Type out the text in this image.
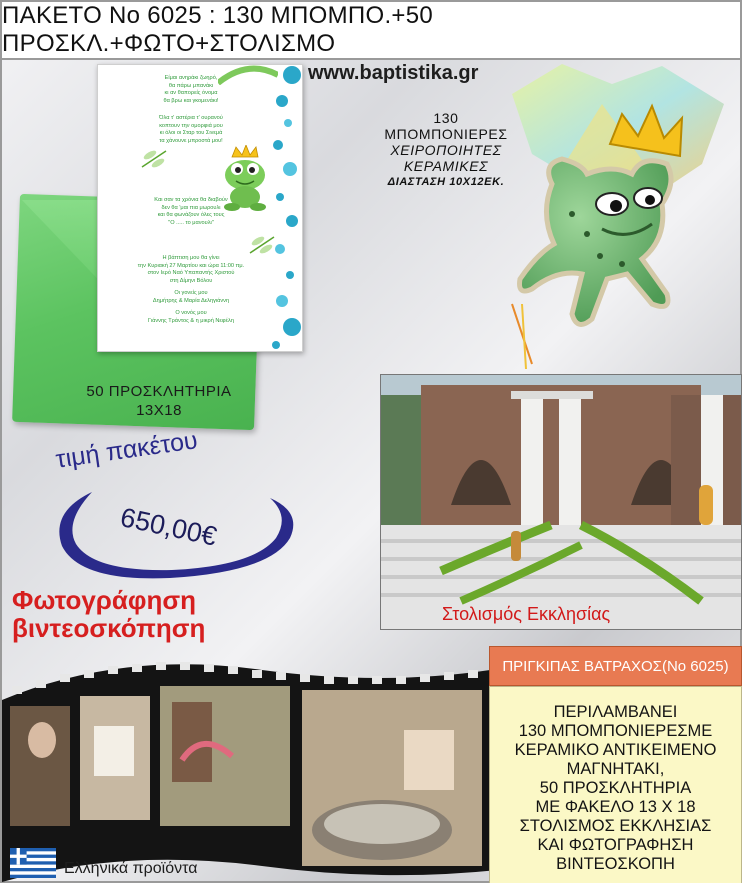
ΠΑΚΕΤΟ Νο 6025 : 130 ΜΠΟΜΠΟ.+50 ΠΡΟΣΚΛ.+ΦΩΤΟ+ΣΤΟΛΙΣΜΟ
www.baptistika.gr
Είμαι ανηράκι ζωηρό,
θα πάρω μπανάκι
κι αν θαπορείς όνομα
θα βρω και γκομενάκι!
Όλα τ' αστέρια τ' ουρανού
κοπτουν την ομορφιά μου
κι όλοι οι Σταρ του Σινεμά
τα χάνουνε μπροστά μου!
Και σαν τα χρόνια θα διαβούν
δεν θα 'μαι πια μωρουλι
και θα φωνάζουν όλες τους
"Ο ..... το μανουλι"
Η βάπτιση μου θα γίνει
την Κυριακή 27 Μαρτίου και ώρα 11:00 πμ.
στον Ιερό Ναό Υπαπαντής Χριστού
στη Δίμηνι Βόλου
Οι γονείς μου
Δημήτρης & Μαρία Δεληγιάννη
Ο νονός μου
Γιάννης Τράντος & η μικρή Νεφέλη
50 ΠΡΟΣΚΛΗΤΗΡΙΑ
13Χ18
130
ΜΠΟΜΠΟΝΙΕΡΕΣ
ΧΕΙΡΟΠΟΙΗΤΕΣ
ΚΕΡΑΜΙΚΕΣ
ΔΙΑΣΤΑΣΗ 10Χ12ΕΚ.
Στολισμός Εκκλησίας
τιμή πακέτου
650,00€
Φωτογράφηση
βιντεοσκόπηση
ΠΡΙΓΚΙΠΑΣ ΒΑΤΡΑΧΟΣ(Νο 6025)
ΠΕΡΙΛΑΜΒΑΝΕΙ
130 ΜΠΟΜΠΟΝΙΕΡΕΣΜΕ
ΚΕΡΑΜΙΚΟ ΑΝΤΙΚΕΙΜΕΝΟ
ΜΑΓΝΗΤΑΚΙ,
50 ΠΡΟΣΚΛΗΤΗΡΙΑ
ΜΕ ΦΑΚΕΛΟ 13 Χ 18
ΣΤΟΛΙΣΜΟΣ ΕΚΚΛΗΣΙΑΣ
ΚΑΙ ΦΩΤΟΓΡΑΦΗΣΗ
ΒΙΝΤΕΟΣΚΟΠΗ
Ελληνικά προϊόντα
